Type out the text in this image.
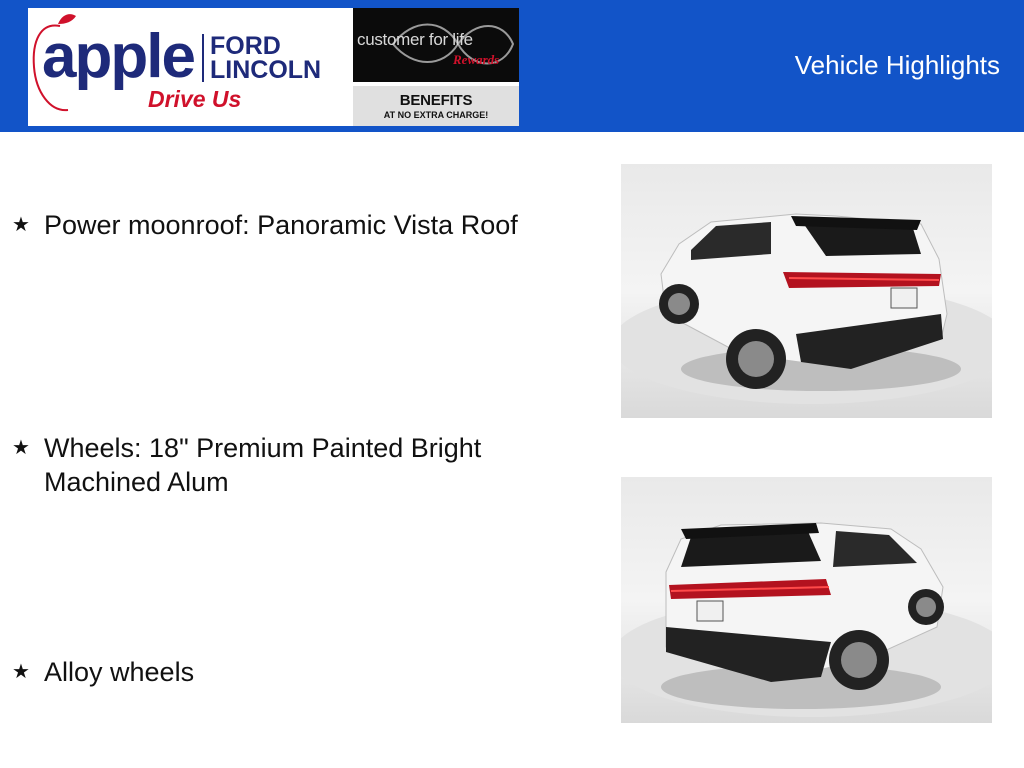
apple FORD
LINCOLN
Drive Us
customer for life
Rewards
BENEFITS
AT NO EXTRA CHARGE!
Vehicle Highlights
★ Power moonroof: Panoramic Vista Roof
★ Wheels: 18" Premium Painted Bright Machined Alum
★ Alloy wheels
